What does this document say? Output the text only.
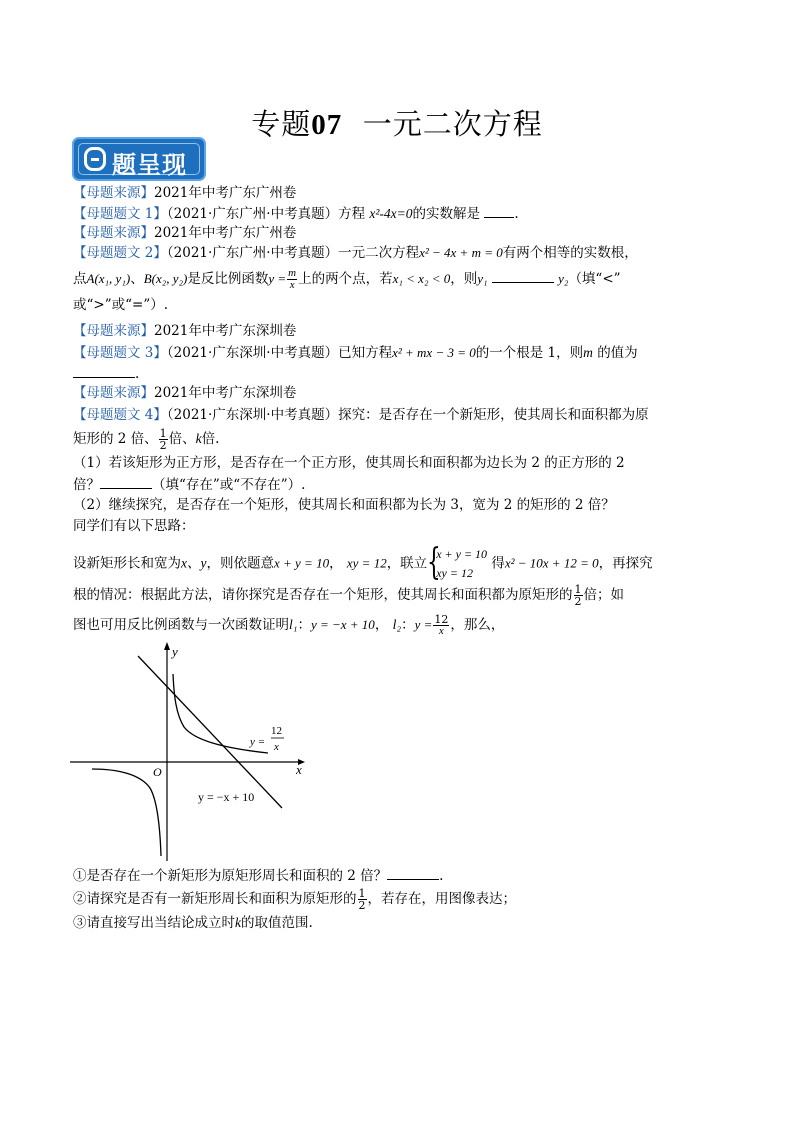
专题07 一元二次方程
题呈现
【母题来源】2021年中考广东广州卷
【母题题文 1】（2021·广东广州·中考真题）方程 x²-4x=0的实数解是	.
【母题来源】2021年中考广东广州卷
【母题题文 2】（2021·广东广州·中考真题）一元二次方程x² − 4x + m = 0有两个相等的实数根，
点A(x₁, y₁)、B(x₂, y₂)是反比例函数$y = \frac{m}{x}$ 上的两个点，若x₁ < x₂ < 0，则y₁	y₂（填“<”
或“>”或“=”）.
【母题来源】2021年中考广东深圳卷
【母题题文 3】（2021·广东深圳·中考真题）已知方程x² + mx − 3 = 0的一个根是 1，则m 的值为
.
【母题来源】2021年中考广东深圳卷
【母题题文 4】（2021·广东深圳·中考真题）探究：是否存在一个新矩形，使其周长和面积都为原
矩形的 2 倍、 $\frac{1}{2}$ 倍、k倍.
（1）若该矩形为正方形，是否存在一个正方形，使其周长和面积都为边长为 2 的正方形的 2
倍？	（填“存在”或“不存在”）.
（2）继续探究，是否存在一个矩形，使其周长和面积都为长为 3，宽为 2 的矩形的 2 倍？
同学们有以下思路：
设新矩形长和宽为x、y，则依题意x + y = 10， xy = 12，联立 {
x + y = 10
xy = 12
得x² − 10x + 12 = 0，再探究
根的情况：根据此方法，请你探究是否存在一个矩形，使其周长和面积都为原矩形的 $\frac{1}{2}$ 倍；如
图也可用反比例函数与一次函数证明l₁：y = −x + 10， l₂：$y = \frac{12}{x}$ ，那么，
x
y
O
y =
12
x
y = −x + 10
①是否存在一个新矩形为原矩形周长和面积的 2 倍？	.
②请探究是否有一新矩形周长和面积为原矩形的 $\frac{1}{2}$ ，若存在，用图像表达；
③请直接写出当结论成立时k的取值范围.
